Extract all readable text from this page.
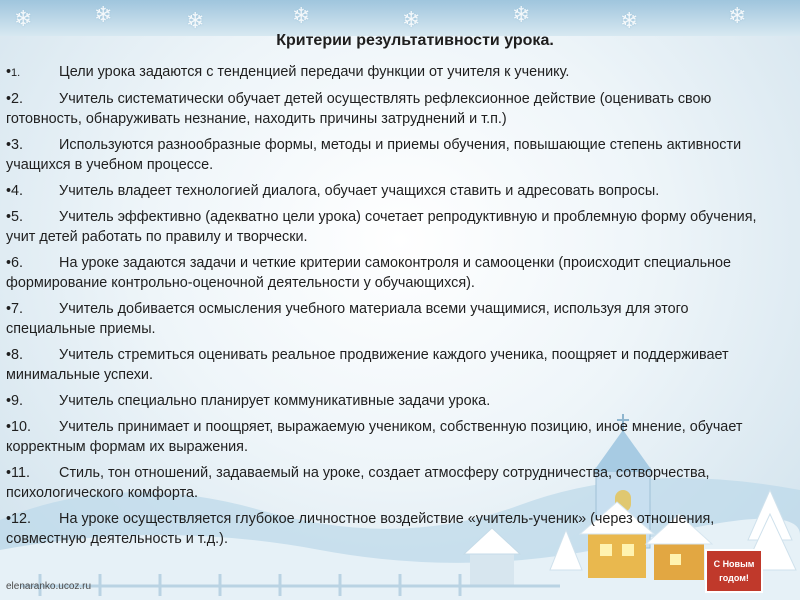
❄	❄	❄	❄	❄	❄	❄	❄
С Новым
годом!
Критерии результативности урока.
•1.	Цели урока задаются с тенденцией передачи функции от учителя к ученику.
•2. Учитель систематически обучает детей осуществлять рефлексионное действие (оценивать свою готовность, обнаруживать незнание, находить причины затруднений и т.п.)
•3. Используются разнообразные формы, методы и приемы обучения, повышающие степень активности учащихся в учебном процессе.
•4. Учитель владеет технологией диалога, обучает учащихся ставить и адресовать вопросы.
•5. Учитель эффективно (адекватно цели урока) сочетает репродуктивную и проблемную форму обучения, учит детей работать по правилу и творчески.
•6. На уроке задаются задачи и четкие критерии самоконтроля и самооценки (происходит специальное формирование контрольно-оценочной деятельности у обучающихся).
•7. Учитель добивается осмысления учебного материала всеми учащимися, используя для этого специальные приемы.
•8. Учитель стремиться оценивать реальное продвижение каждого ученика, поощряет и поддерживает минимальные успехи.
•9. Учитель специально планирует коммуникативные задачи урока.
•10. Учитель принимает и поощряет, выражаемую учеником, собственную позицию, иное мнение, обучает корректным формам их выражения.
•11. Стиль, тон отношений, задаваемый на уроке, создает атмосферу сотрудничества, сотворчества, психологического комфорта.
•12. На уроке осуществляется глубокое личностное воздействие «учитель-ученик» (через отношения, совместную деятельность и т.д.).
elenaranko.ucoz.ru
